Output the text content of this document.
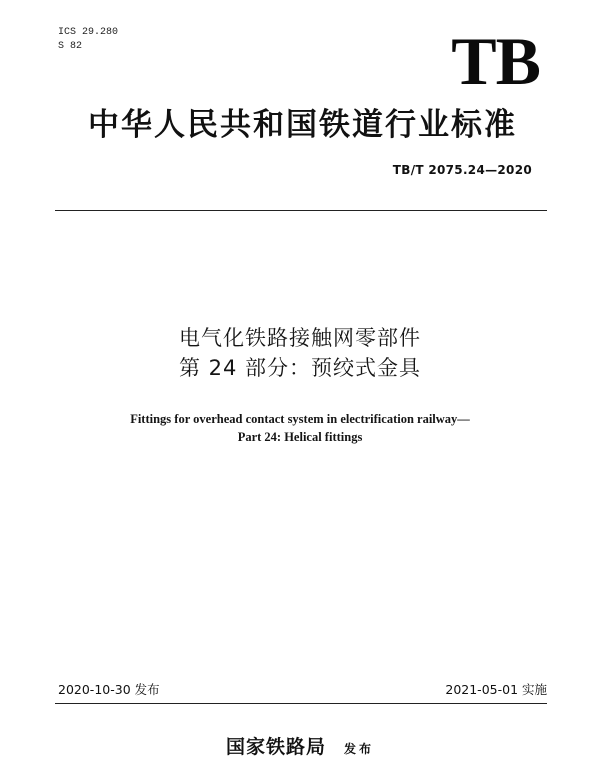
ICS 29.280
S 82	TB
中华人民共和国铁道行业标准
TB/T 2075.24—2020
电气化铁路接触网零部件
第 24 部分：预绞式金具
Fittings for overhead contact system in electrification railway—
Part 24: Helical fittings
2020-10-30 发布	2021-05-01 实施
国家铁路局 发布
